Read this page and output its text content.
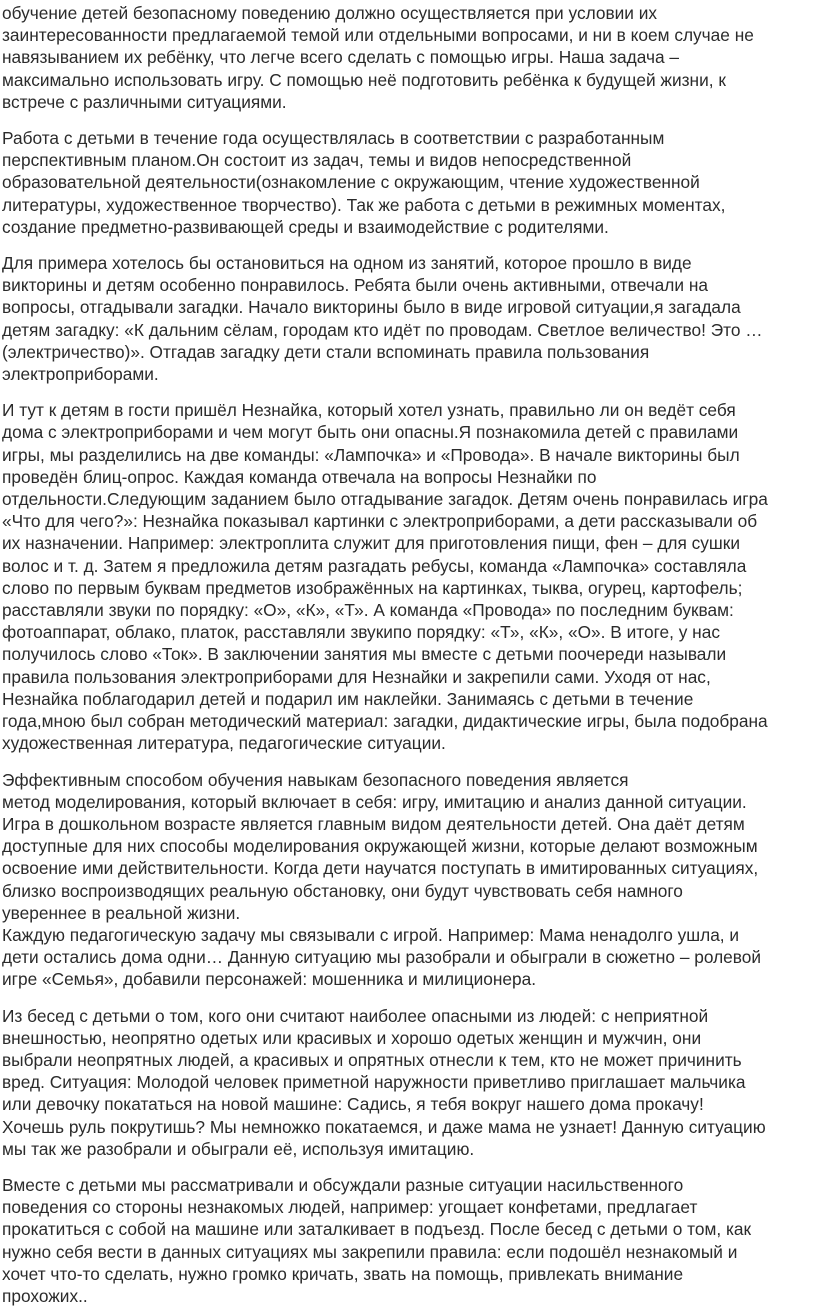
обучение детей безопасному поведению должно осуществляется при условии их
заинтересованности предлагаемой темой или отдельными вопросами, и ни в коем случае не
навязыванием их ребёнку, что легче всего сделать с помощью игры. Наша задача –
максимально использовать игру. С помощью неё подготовить ребёнка к будущей жизни, к
встрече с различными ситуациями.

Работа с детьми в течение года осуществлялась в соответствии с разработанным
перспективным планом.Он состоит из задач, темы и видов непосредственной
образовательной деятельности(ознакомление с окружающим, чтение художественной
литературы, художественное творчество). Так же работа с детьми в режимных моментах,
создание предметно-развивающей среды и взаимодействие с родителями.

Для примера хотелось бы остановиться на одном из занятий, которое прошло в виде
викторины и детям особенно понравилось. Ребята были очень активными, отвечали на
вопросы, отгадывали загадки. Начало викторины было в виде игровой ситуации,я загадала
детям загадку: «К дальним сёлам, городам кто идёт по проводам. Светлое величество! Это …
(электричество)». Отгадав загадку дети стали вспоминать правила пользования
электроприборами.

И тут к детям в гости пришёл Незнайка, который хотел узнать, правильно ли он ведёт себя
дома с электроприборами и чем могут быть они опасны.Я познакомила детей с правилами
игры, мы разделились на две команды: «Лампочка» и «Провода». В начале викторины был
проведён блиц-опрос. Каждая команда отвечала на вопросы Незнайки по
отдельности.Следующим заданием было отгадывание загадок. Детям очень понравилась игра
«Что для чего?»: Незнайка показывал картинки с электроприборами, а дети рассказывали об
их назначении. Например: электроплита служит для приготовления пищи, фен – для сушки
волос и т. д. Затем я предложила детям разгадать ребусы, команда «Лампочка» составляла
слово по первым буквам предметов изображённых на картинках, тыква, огурец, картофель;
расставляли звуки по порядку: «О», «К», «Т». А команда «Провода» по последним буквам:
фотоаппарат, облако, платок, расставляли звукипо порядку: «Т», «К», «О». В итоге, у нас
получилось слово «Ток». В заключении занятия мы вместе с детьми поочереди называли
правила пользования электроприборами для Незнайки и закрепили сами. Уходя от нас,
Незнайка поблагодарил детей и подарил им наклейки. Занимаясь с детьми в течение
года,мною был собран методический материал: загадки, дидактические игры, была подобрана
художественная литература, педагогические ситуации.

Эффективным способом обучения навыкам безопасного поведения является
метод моделирования, который включает в себя: игру, имитацию и анализ данной ситуации.
Игра в дошкольном возрасте является главным видом деятельности детей. Она даёт детям
доступные для них способы моделирования окружающей жизни, которые делают возможным
освоение ими действительности. Когда дети научатся поступать в имитированных ситуациях,
близко воспроизводящих реальную обстановку, они будут чувствовать себя намного
увереннее в реальной жизни.

Каждую педагогическую задачу мы связывали с игрой. Например: Мама ненадолго ушла, и
дети остались дома одни… Данную ситуацию мы разобрали и обыграли в сюжетно – ролевой
игре «Семья», добавили персонажей: мошенника и милиционера.

Из бесед с детьми о том, кого они считают наиболее опасными из людей: с неприятной
внешностью, неопрятно одетых или красивых и хорошо одетых женщин и мужчин, они
выбрали неопрятных людей, а красивых и опрятных отнесли к тем, кто не может причинить
вред. Ситуация: Молодой человек приметной наружности приветливо приглашает мальчика
или девочку покататься на новой машине: Садись, я тебя вокруг нашего дома прокачу!
Хочешь руль покрутишь? Мы немножко покатаемся, и даже мама не узнает! Данную ситуацию
мы так же разобрали и обыграли её, используя имитацию.

Вместе с детьми мы рассматривали и обсуждали разные ситуации насильственного
поведения со стороны незнакомых людей, например: угощает конфетами, предлагает
прокатиться с собой на машине или заталкивает в подъезд. После бесед с детьми о том, как
нужно себя вести в данных ситуациях мы закрепили правила: если подошёл незнакомый и
хочет что-то сделать, нужно громко кричать, звать на помощь, привлекать внимание
прохожих..
